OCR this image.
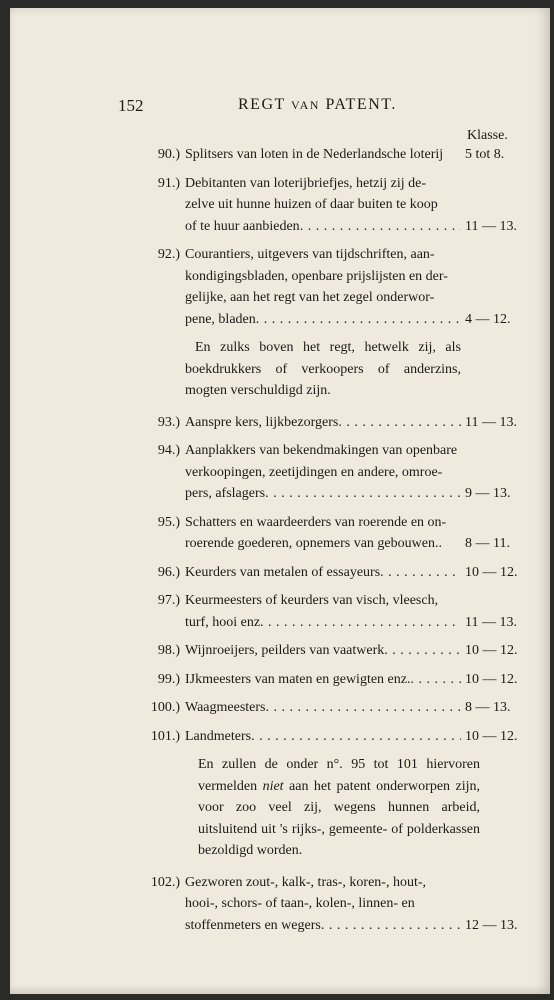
152	REGT VAN PATENT.
Klasse.
90.) Splitsers van loten in de Nederlandsche loterij 5 tot 8.
91.) Debitanten van loterijbriefjes, hetzij zij de-
zelve uit hunne huizen of daar buiten te koop
of te huur aanbieden . . .	11 — 13.
92.) Courantiers, uitgevers van tijdschriften, aan-
kondigingsbladen, openbare prijslijsten en der-
gelijke, aan het regt van het zegel onderwor-
pene, bladen . . .	4 — 12.
En zulks boven het regt, hetwelk zij, als boekdrukkers of verkoopers of anderzins, mogten verschuldigd zijn.
93.) Aanspre kers, lijkbezorgers . . .	11 — 13.
94.) Aanplakkers van bekendmakingen van openbare
verkoopingen, zeetijdingen en andere, omroe-
pers, afslagers . . .	9 — 13.
95.) Schatters en waardeerders van roerende en on-
roerende goederen, opnemers van gebouwen.. 8 — 11.
96.) Keurders van metalen of essayeurs . . .	10 — 12.
97.) Keurmeesters of keurders van visch, vleesch,
turf, hooi enz . . .	11 — 13.
98.) Wijnroeijers, peilders van vaatwerk . . .	10 — 12.
99.) IJkmeesters van maten en gewigten enz. . . .	10 — 12.
100.) Waagmeesters . . .	8 — 13.
101.) Landmeters . . .	10 — 12.
En zullen de onder n°. 95 tot 101 hiervoren vermelden niet aan het patent onderworpen zijn, voor zoo veel zij, wegens hunnen arbeid, uitsluitend uit 's rijks-, gemeente- of polderkassen bezoldigd worden.
102.) Gezworen zout-, kalk-, tras-, koren-, hout-,
hooi-, schors- of taan-, kolen-, linnen- en
stoffenmeters en wegers . . .	12 — 13.
